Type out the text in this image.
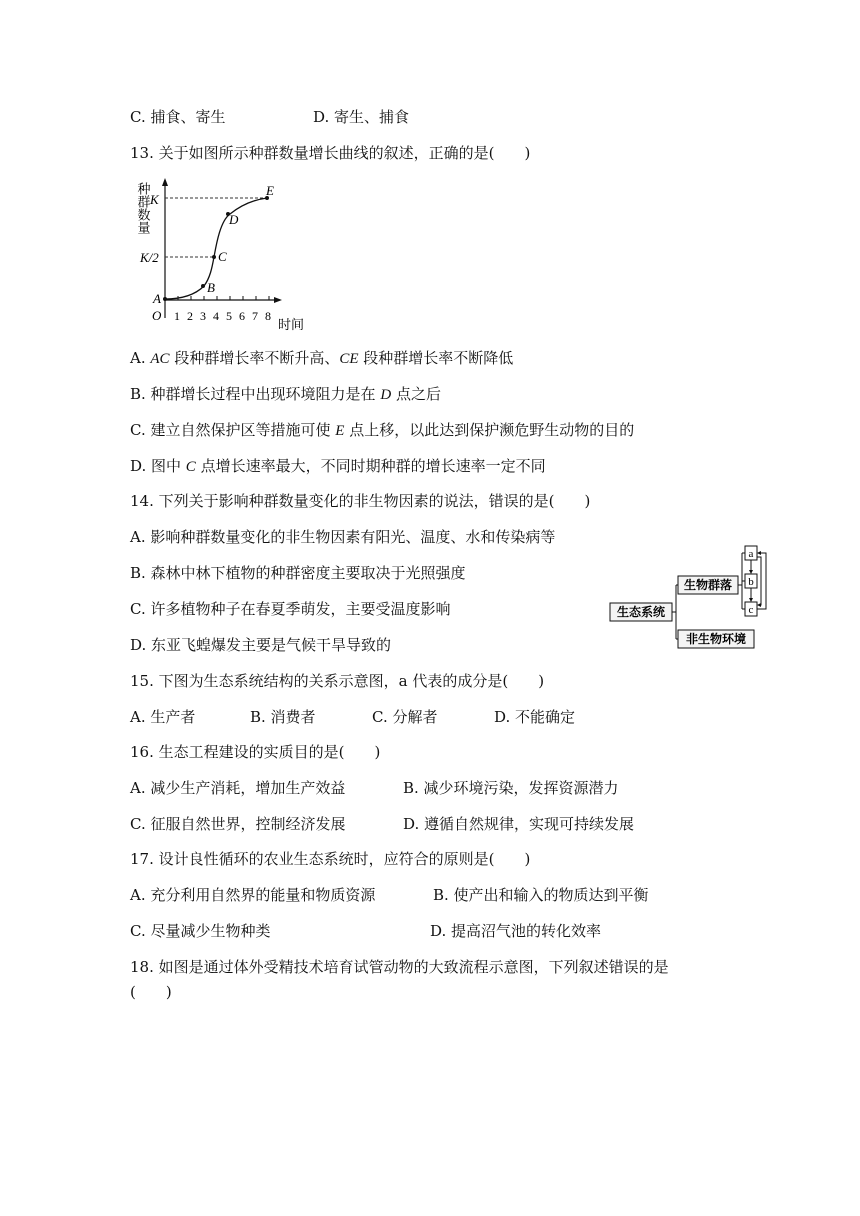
C. 捕食、寄生	D. 寄生、捕食
13. 关于如图所示种群数量增长曲线的叙述，正确的是(　　)
种群数量
1 2 3 4 5 6 7 8
时间
O
K
K/2
A
B
C
D
E
A. AC 段种群增长率不断升高、CE 段种群增长率不断降低
B. 种群增长过程中出现环境阻力是在 D 点之后
C. 建立自然保护区等措施可使 E 点上移，以此达到保护濒危野生动物的目的
D. 图中 C 点增长速率最大，不同时期种群的增长速率一定不同
14. 下列关于影响种群数量变化的非生物因素的说法，错误的是(　　)
A. 影响种群数量变化的非生物因素有阳光、温度、水和传染病等
B. 森林中林下植物的种群密度主要取决于光照强度
C. 许多植物种子在春夏季萌发，主要受温度影响
D. 东亚飞蝗爆发主要是气候干旱导致的
生态系统
生物群落
非生物环境
a
b
c
15. 下图为生态系统结构的关系示意图，a 代表的成分是(　　)
A. 生产者	B. 消费者	C. 分解者	D. 不能确定
16. 生态工程建设的实质目的是(　　)
A. 减少生产消耗，增加生产效益	B. 减少环境污染，发挥资源潜力
C. 征服自然世界，控制经济发展	D. 遵循自然规律，实现可持续发展
17. 设计良性循环的农业生态系统时，应符合的原则是(　　)
A. 充分利用自然界的能量和物质资源	B. 使产出和输入的物质达到平衡
C. 尽量减少生物种类	D. 提高沼气池的转化效率
18. 如图是通过体外受精技术培育试管动物的大致流程示意图，下列叙述错误的是
(　　)
